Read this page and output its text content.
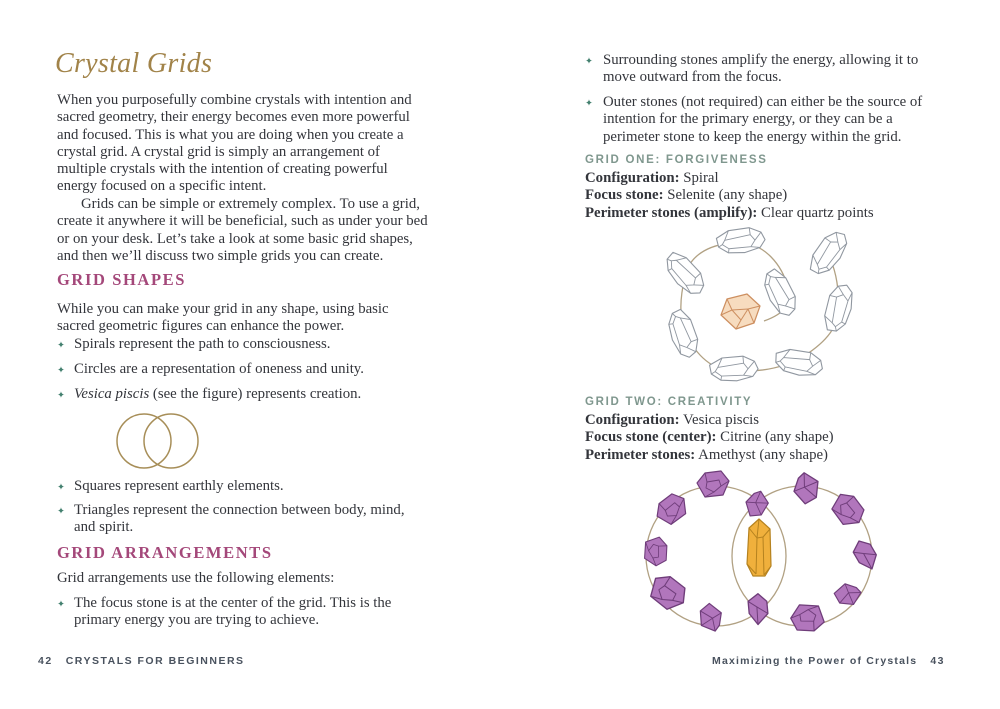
Crystal Grids
When you purposefully combine crystals with intention and sacred geometry, their energy becomes even more powerful and focused. This is what you are doing when you create a crystal grid. A crystal grid is simply an arrangement of multiple crystals with the intention of creating powerful energy focused on a specific intent.
Grids can be simple or extremely complex. To use a grid, create it anywhere it will be beneficial, such as under your bed or on your desk. Let’s take a look at some basic grid shapes, and then we’ll discuss two simple grids you can create.
GRID SHAPES
While you can make your grid in any shape, using basic sacred geometric figures can enhance the power.
✦ Spirals represent the path to consciousness.
✦ Circles are a representation of oneness and unity.
✦ Vesica piscis (see the figure) represents creation.
✦ Squares represent earthly elements.
✦ Triangles represent the connection between body, mind, and spirit.
GRID ARRANGEMENTS
Grid arrangements use the following elements:
✦ The focus stone is at the center of the grid. This is the primary energy you are trying to achieve.
42 CRYSTALS FOR BEGINNERS
✦ Surrounding stones amplify the energy, allowing it to move outward from the focus.
✦ Outer stones (not required) can either be the source of intention for the primary energy, or they can be a perimeter stone to keep the energy within the grid.
GRID ONE: FORGIVENESS
Configuration: Spiral
Focus stone: Selenite (any shape)
Perimeter stones (amplify): Clear quartz points
GRID TWO: CREATIVITY
Configuration: Vesica piscis
Focus stone (center): Citrine (any shape)
Perimeter stones: Amethyst (any shape)
Maximizing the Power of Crystals 43
